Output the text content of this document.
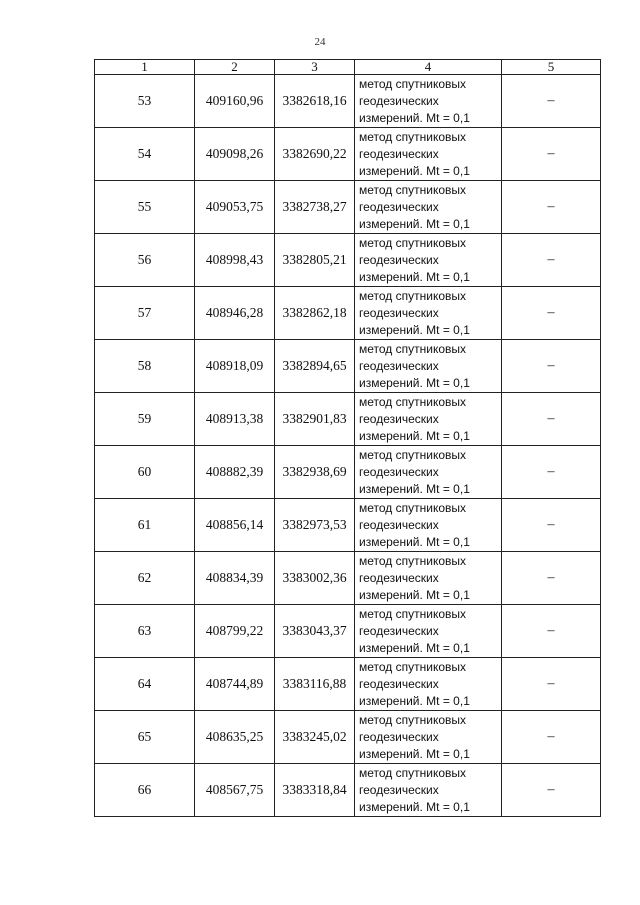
24
1	2	3	4	5
53	409160,96	3382618,16	метод спутниковых
геодезических
измерений. Mt = 0,1	–
54	409098,26	3382690,22	метод спутниковых
геодезических
измерений. Mt = 0,1	–
55	409053,75	3382738,27	метод спутниковых
геодезических
измерений. Mt = 0,1	–
56	408998,43	3382805,21	метод спутниковых
геодезических
измерений. Mt = 0,1	–
57	408946,28	3382862,18	метод спутниковых
геодезических
измерений. Mt = 0,1	–
58	408918,09	3382894,65	метод спутниковых
геодезических
измерений. Mt = 0,1	–
59	408913,38	3382901,83	метод спутниковых
геодезических
измерений. Mt = 0,1	–
60	408882,39	3382938,69	метод спутниковых
геодезических
измерений. Mt = 0,1	–
61	408856,14	3382973,53	метод спутниковых
геодезических
измерений. Mt = 0,1	–
62	408834,39	3383002,36	метод спутниковых
геодезических
измерений. Mt = 0,1	–
63	408799,22	3383043,37	метод спутниковых
геодезических
измерений. Mt = 0,1	–
64	408744,89	3383116,88	метод спутниковых
геодезических
измерений. Mt = 0,1	–
65	408635,25	3383245,02	метод спутниковых
геодезических
измерений. Mt = 0,1	–
66	408567,75	3383318,84	метод спутниковых
геодезических
измерений. Mt = 0,1	–
